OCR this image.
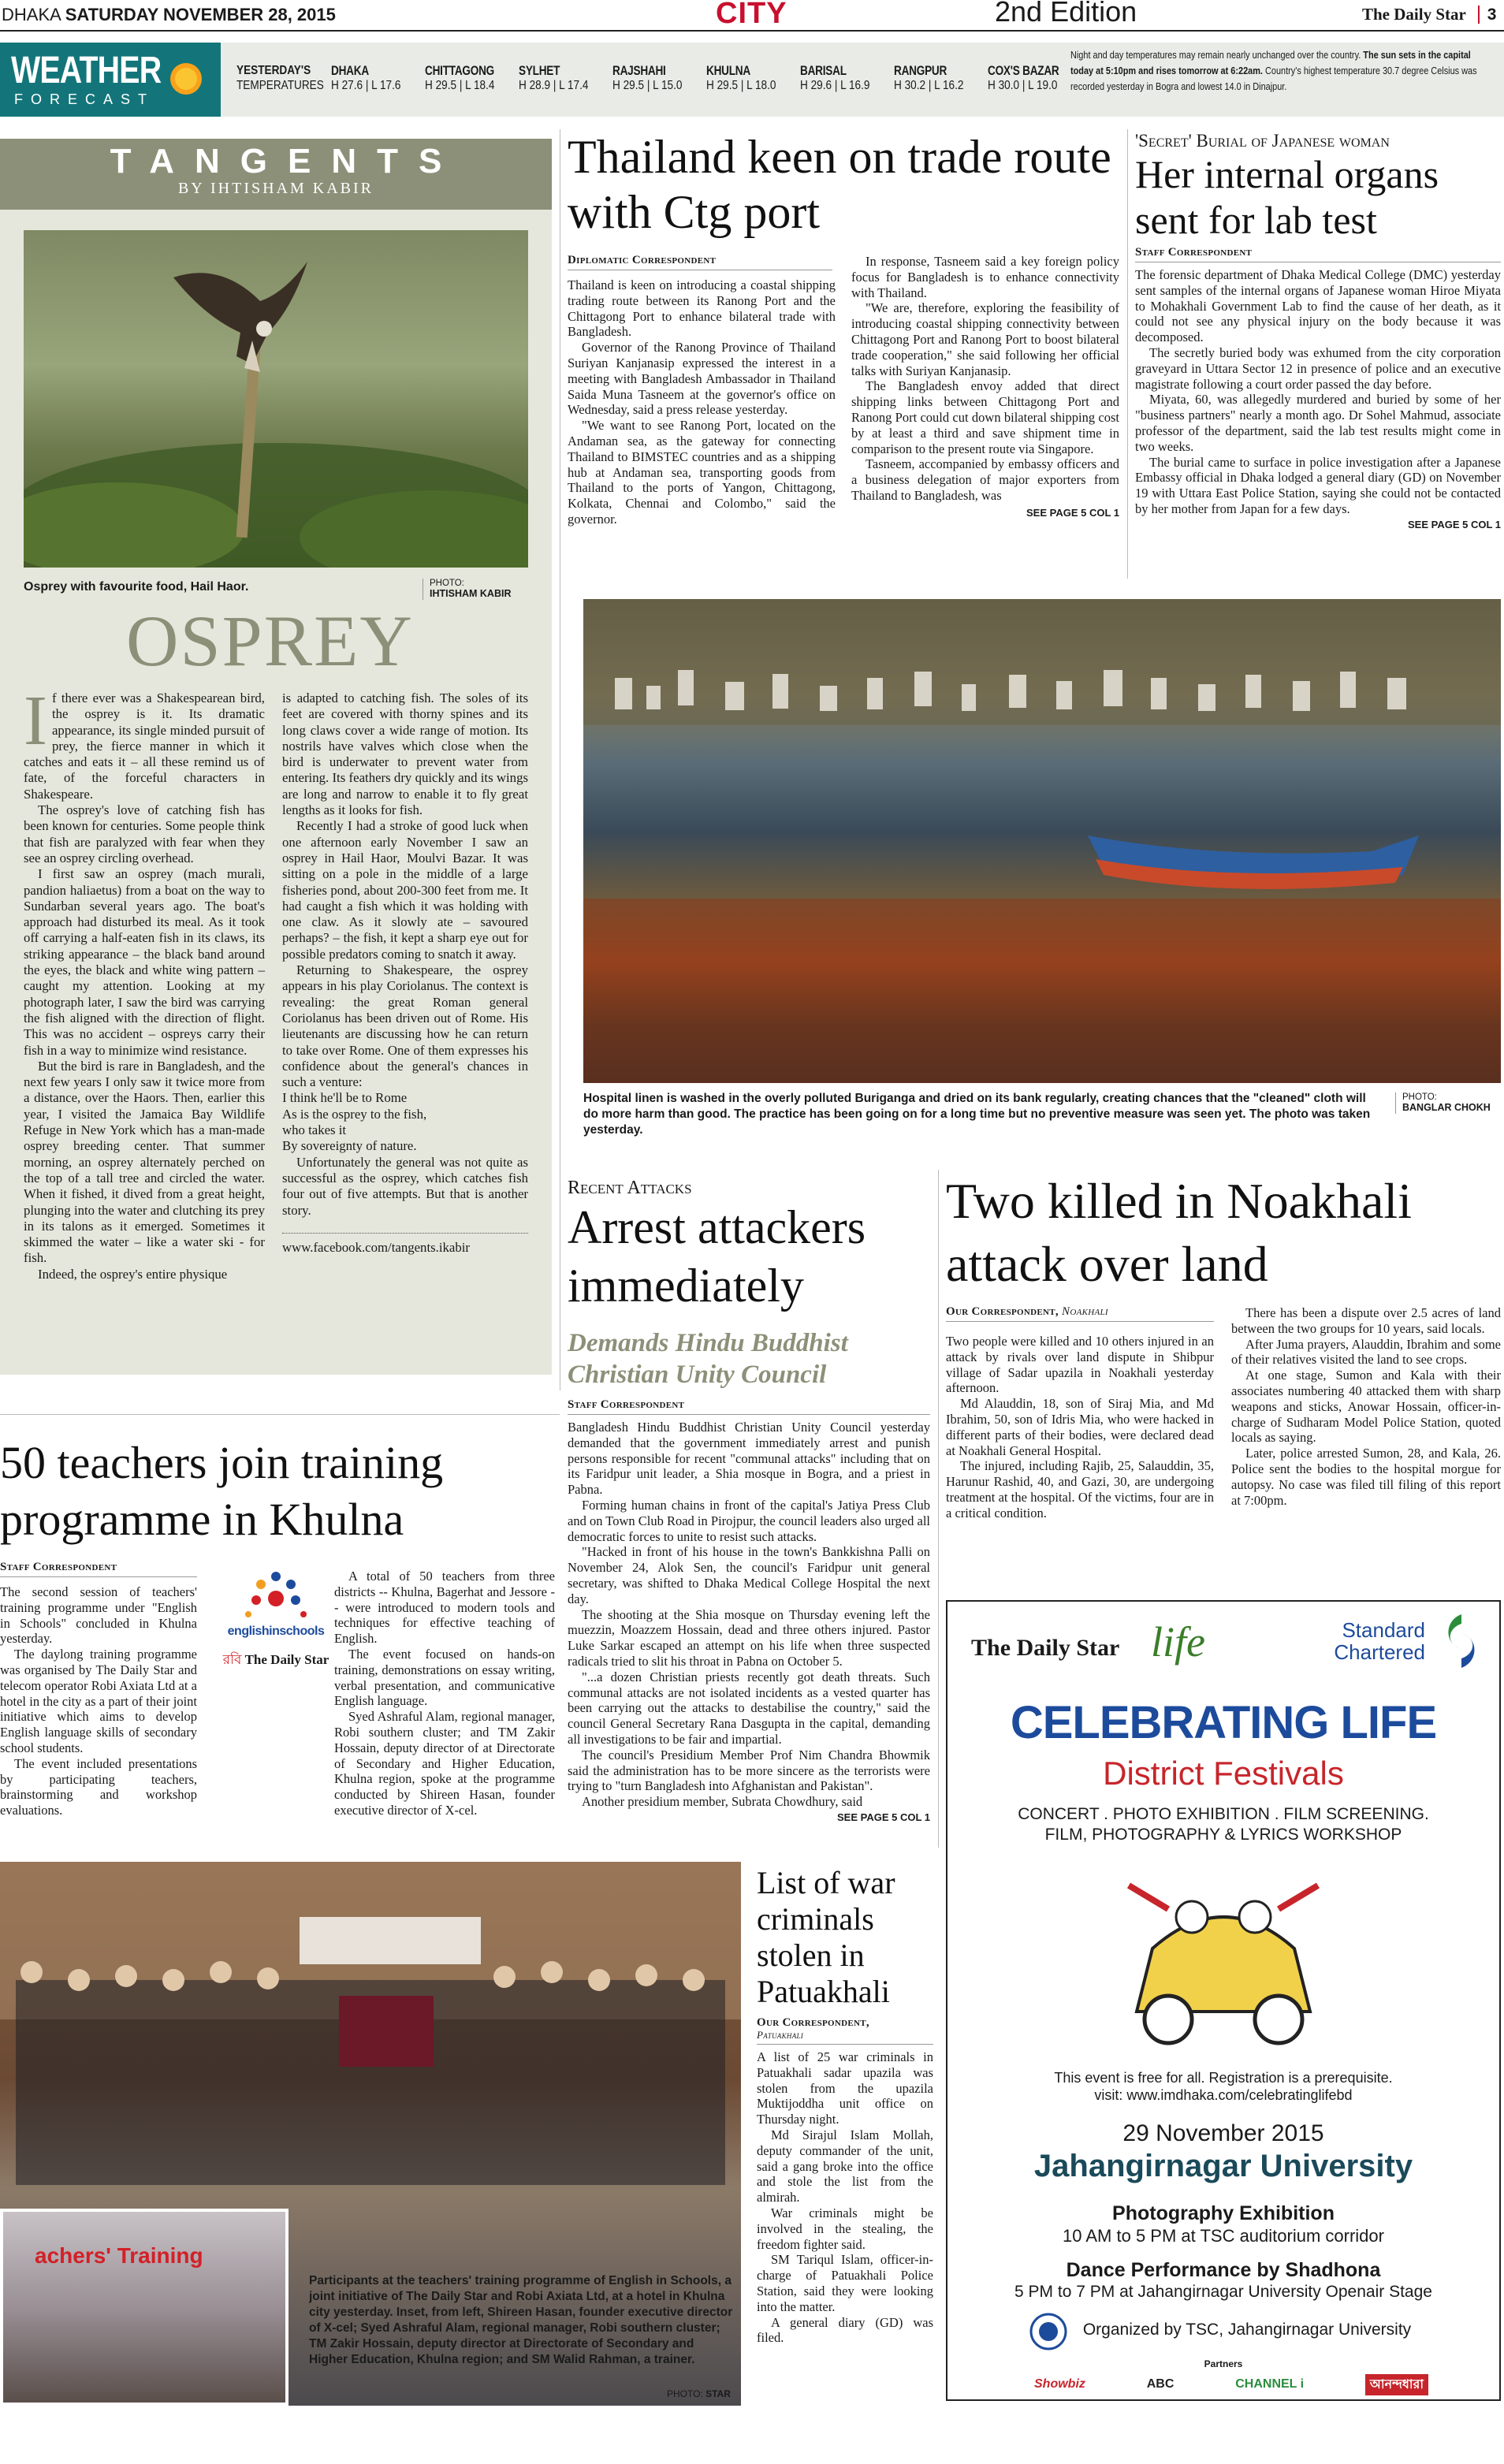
DHAKA SATURDAY NOVEMBER 28, 2015	CITY	2nd Edition	The Daily Star 3
WEATHER
FORECAST
YESTERDAY'S
TEMPERATURES
DHAKA
H 27.6 | L 17.6

CHITTAGONG
H 29.5 | L 18.4

SYLHET
H 28.9 | L 17.4

RAJSHAHI
H 29.5 | L 15.0

KHULNA
H 29.5 | L 18.0

BARISAL
H 29.6 | L 16.9

RANGPUR
H 30.2 | L 16.2

COX'S BAZAR
H 30.0 | L 19.0
Night and day temperatures may remain nearly unchanged over the country. The sun sets in the capital today at 5:10pm and rises tomorrow at 6:22am. Country's highest temperature 30.7 degree Celsius was recorded yesterday in Bogra and lowest 14.0 in Dinajpur.
TANGENTS
BY IHTISHAM KABIR
Osprey with favourite food, Hail Haor.	PHOTO:
IHTISHAM KABIR
OSPREY

If there ever was a Shakespearean bird, the osprey is it. Its dramatic appearance, its single minded pursuit of prey, the fierce manner in which it catches and eats it – all these remind us of fate, of the forceful characters in Shakespeare.

The osprey's love of catching fish has been known for centuries. Some people think that fish are paralyzed with fear when they see an osprey circling overhead.

I first saw an osprey (mach murali, pandion haliaetus) from a boat on the way to Sundarban several years ago. The boat's approach had disturbed its meal. As it took off carrying a half-eaten fish in its claws, its striking appearance – the black band around the eyes, the black and white wing pattern – caught my attention. Looking at my photograph later, I saw the bird was carrying the fish aligned with the direction of flight. This was no accident – ospreys carry their fish in a way to minimize wind resistance.

But the bird is rare in Bangladesh, and the next few years I only saw it twice more from a distance, over the Haors. Then, earlier this year, I visited the Jamaica Bay Wildlife Refuge in New York which has a man-made osprey breeding center. That summer morning, an osprey alternately perched on the top of a tall tree and circled the water. When it fished, it dived from a great height, plunging into the water and clutching its prey in its talons as it emerged. Sometimes it skimmed the water – like a water ski - for fish.

Indeed, the osprey's entire physique

is adapted to catching fish. The soles of its feet are covered with thorny spines and its long claws cover a wide range of motion. Its nostrils have valves which close when the bird is underwater to prevent water from entering. Its feathers dry quickly and its wings are long and narrow to enable it to fly great lengths as it looks for fish.

Recently I had a stroke of good luck when one afternoon early November I saw an osprey in Hail Haor, Moulvi Bazar. It was sitting on a pole in the middle of a large fisheries pond, about 200-300 feet from me. It had caught a fish which it was holding with one claw. As it slowly ate – savoured perhaps? – the fish, it kept a sharp eye out for possible predators coming to snatch it away.

Returning to Shakespeare, the osprey appears in his play Coriolanus. The context is revealing: the great Roman general Coriolanus has been driven out of Rome. His lieutenants are discussing how he can return to take over Rome. One of them expresses his confidence about the general's chances in such a venture:

I think he'll be to Rome
As is the osprey to the fish,
who takes it
By sovereignty of nature.

Unfortunately the general was not quite as successful as the osprey, which catches fish four out of five attempts. But that is another story.

www.facebook.com/tangents.ikabir
Thailand keen on trade route with Ctg port
Diplomatic Correspondent

Thailand is keen on introducing a coastal shipping trading route between its Ranong Port and the Chittagong Port to enhance bilateral trade with Bangladesh.

Governor of the Ranong Province of Thailand Suriyan Kanjanasip expressed the interest in a meeting with Bangladesh Ambassador in Thailand Saida Muna Tasneem at the governor's office on Wednesday, said a press release yesterday.

"We want to see Ranong Port, located on the Andaman sea, as the gateway for connecting Thailand to BIMSTEC countries and as a shipping hub at Andaman sea, transporting goods from Thailand to the ports of Yangon, Chittagong, Kolkata, Chennai and Colombo," said the governor.

In response, Tasneem said a key foreign policy focus for Bangladesh is to enhance connectivity with Thailand.

"We are, therefore, exploring the feasibility of introducing coastal shipping connectivity between Chittagong Port and Ranong Port to boost bilateral trade cooperation," she said following her official talks with Suriyan Kanjanasip.

The Bangladesh envoy added that direct shipping links between Chittagong Port and Ranong Port could cut down bilateral shipping cost by at least a third and save shipment time in comparison to the present route via Singapore.

Tasneem, accompanied by embassy officers and a business delegation of major exporters from Thailand to Bangladesh, was

SEE PAGE 5 COL 1
'Secret' Burial of Japanese woman
Her internal organs sent for lab test
Staff Correspondent

The forensic department of Dhaka Medical College (DMC) yesterday sent samples of the internal organs of Japanese woman Hiroe Miyata to Mohakhali Government Lab to find the cause of her death, as it could not see any physical injury on the body because it was decomposed.

The secretly buried body was exhumed from the city corporation graveyard in Uttara Sector 12 in presence of police and an executive magistrate following a court order passed the day before.

Miyata, 60, was allegedly murdered and buried by some of her "business partners" nearly a month ago. Dr Sohel Mahmud, associate professor of the department, said the lab test results might come in two weeks.

The burial came to surface in police investigation after a Japanese Embassy official in Dhaka lodged a general diary (GD) on November 19 with Uttara East Police Station, saying she could not be contacted by her mother from Japan for a few days.

SEE PAGE 5 COL 1
Hospital linen is washed in the overly polluted Buriganga and dried on its bank regularly, creating chances that the "cleaned" cloth will do more harm than good. The practice has been going on for a long time but no preventive measure was seen yet. The photo was taken yesterday.
PHOTO:
BANGLAR CHOKH
Recent Attacks
Arrest attackers immediately
Demands Hindu Buddhist Christian Unity Council
Staff Correspondent

Bangladesh Hindu Buddhist Christian Unity Council yesterday demanded that the government immediately arrest and punish persons responsible for recent "communal attacks" including that on its Faridpur unit leader, a Shia mosque in Bogra, and a priest in Pabna.

Forming human chains in front of the capital's Jatiya Press Club and on Town Club Road in Pirojpur, the council leaders also urged all democratic forces to unite to resist such attacks.

"Hacked in front of his house in the town's Bankkishna Palli on November 24, Alok Sen, the council's Faridpur unit general secretary, was shifted to Dhaka Medical College Hospital the next day.

The shooting at the Shia mosque on Thursday evening left the muezzin, Moazzem Hossain, dead and three others injured. Pastor Luke Sarkar escaped an attempt on his life when three suspected radicals tried to slit his throat in Pabna on October 5.

"...a dozen Christian priests recently got death threats. Such communal attacks are not isolated incidents as a vested quarter has been carrying out the attacks to destabilise the country," said the council General Secretary Rana Dasgupta in the capital, demanding all investigations to be fair and impartial.

The council's Presidium Member Prof Nim Chandra Bhowmik said the administration has to be more sincere as the terrorists were trying to "turn Bangladesh into Afghanistan and Pakistan".

Another presidium member, Subrata Chowdhury, said

SEE PAGE 5 COL 1
Two killed in Noakhali attack over land
Our Correspondent, Noakhali

Two people were killed and 10 others injured in an attack by rivals over land dispute in Shibpur village of Sadar upazila in Noakhali yesterday afternoon.

Md Alauddin, 18, son of Siraj Mia, and Md Ibrahim, 50, son of Idris Mia, who were hacked in different parts of their bodies, were declared dead at Noakhali General Hospital.

The injured, including Rajib, 25, Salauddin, 35, Harunur Rashid, 40, and Gazi, 30, are undergoing treatment at the hospital. Of the victims, four are in a critical condition.

There has been a dispute over 2.5 acres of land between the two groups for 10 years, said locals.

After Juma prayers, Alauddin, Ibrahim and some of their relatives visited the land to see crops.

At one stage, Sumon and Kala with their associates numbering 40 attacked them with sharp weapons and sticks, Anowar Hossain, officer-in-charge of Sudharam Model Police Station, quoted locals as saying.

Later, police arrested Sumon, 28, and Kala, 26. Police sent the bodies to the hospital morgue for autopsy. No case was filed till filing of this report at 7:00pm.

50 teachers join training programme in Khulna
Staff Correspondent

The second session of teachers' training programme under "English in Schools" concluded in Khulna yesterday.

The daylong training programme was organised by The Daily Star and telecom operator Robi Axiata Ltd at a hotel in the city as a part of their joint initiative which aims to develop English language skills of secondary school students.

The event included presentations by participating teachers, brainstorming and workshop evaluations.

englishinschools
রবি The Daily Star

A total of 50 teachers from three districts -- Khulna, Bagerhat and Jessore -- were introduced to modern tools and techniques for effective teaching of English.

The event focused on hands-on training, demonstrations on essay writing, verbal presentation, and communicative English language.

Syed Ashraful Alam, regional manager, Robi southern cluster; and TM Zakir Hossain, deputy director of at Directorate of Secondary and Higher Education, Khulna region, spoke at the programme conducted by Shireen Hasan, founder executive director of X-cel.

achers' Training
Participants at the teachers' training programme of English in Schools, a joint initiative of The Daily Star and Robi Axiata Ltd, at a hotel in Khulna city yesterday. Inset, from left, Shireen Hasan, founder executive director of X-cel; Syed Ashraful Alam, regional manager, Robi southern cluster; TM Zakir Hossain, deputy director at Directorate of Secondary and Higher Education, Khulna region; and SM Walid Rahman, a trainer.
PHOTO: STAR
List of war criminals stolen in Patuakhali
Our Correspondent,
Patuakhali

A list of 25 war criminals in Patuakhali sadar upazila was stolen from the upazila Muktijoddha unit office on Thursday night.

Md Sirajul Islam Mollah, deputy commander of the unit, said a gang broke into the office and stole the list from the almirah.

War criminals might be involved in the stealing, the freedom fighter said.

SM Tariqul Islam, officer-in-charge of Patuakhali Police Station, said they were looking into the matter.

A general diary (GD) was filed.

The Daily Star life	Standard Chartered
CELEBRATING LIFE
District Festivals
CONCERT . PHOTO EXHIBITION . FILM SCREENING.
FILM, PHOTOGRAPHY & LYRICS WORKSHOP
This event is free for all. Registration is a prerequisite.
visit: www.imdhaka.com/celebratinglifebd
29 November 2015
Jahangirnagar University
Photography Exhibition
10 AM to 5 PM at TSC auditorium corridor
Dance Performance by Shadhona
5 PM to 7 PM at Jahangirnagar University Openair Stage
Organized by TSC, Jahangirnagar University
Partners
Showbiz	ABC	CHANNEL i	আনন্দধারা
